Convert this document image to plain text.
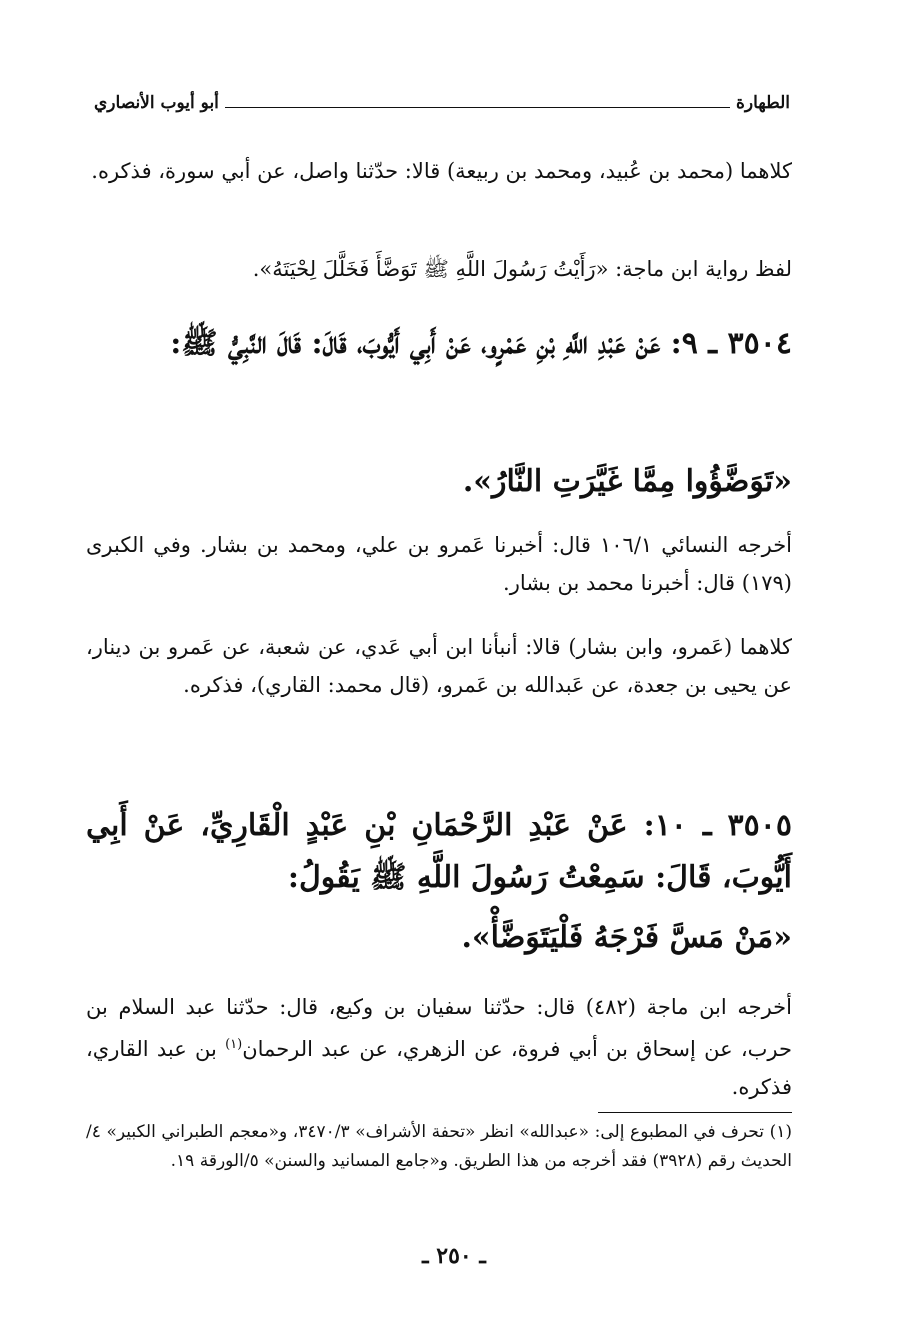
الطهارة
أبو أيوب الأنصاري
كلاهما (محمد بن عُبيد، ومحمد بن ربيعة) قالا: حدّثنا واصل، عن أبي سورة، فذكره.
لفظ رواية ابن ماجة: «رَأَيْتُ رَسُولَ اللَّهِ ﷺ تَوَضَّأَ فَخَلَّلَ لِحْيَتَهُ».
٣٥٠٤ ـ ٩: عَنْ عَبْدِ اللَّهِ بْنِ عَمْرٍو، عَنْ أَبِي أَيُّوبَ، قَالَ: قَالَ النَّبِيُّ ﷺ:
«تَوَضَّؤُوا مِمَّا غَيَّرَتِ النَّارُ».
أخرجه النسائي ١٠٦/١ قال: أخبرنا عَمرو بن علي، ومحمد بن بشار. وفي الكبرى (١٧٩) قال: أخبرنا محمد بن بشار.
كلاهما (عَمرو، وابن بشار) قالا: أنبأنا ابن أبي عَدي، عن شعبة، عن عَمرو بن دينار، عن يحيى بن جعدة، عن عَبدالله بن عَمرو، (قال محمد: القاري)، فذكره.
٣٥٠٥ ـ ١٠: عَنْ عَبْدِ الرَّحْمَانِ بْنِ عَبْدٍ الْقَارِيِّ، عَنْ أَبِي أَيُّوبَ، قَالَ: سَمِعْتُ رَسُولَ اللَّهِ ﷺ يَقُولُ:
«مَنْ مَسَّ فَرْجَهُ فَلْيَتَوَضَّأْ».
أخرجه ابن ماجة (٤٨٢) قال: حدّثنا سفيان بن وكيع، قال: حدّثنا عبد السلام بن حرب، عن إسحاق بن أبي فروة، عن الزهري، عن عبد الرحمان$^{(١)}$ بن عبد القاري، فذكره.
(١) تحرف في المطبوع إلى: «عبدالله» انظر «تحفة الأشراف» ٣٤٧٠/٣، و«معجم الطبراني الكبير» ٤/الحديث رقم (٣٩٢٨) فقد أخرجه من هذا الطريق. و«جامع المسانيد والسنن» ٥/الورقة ١٩.
ـ ٢٥٠ ـ
